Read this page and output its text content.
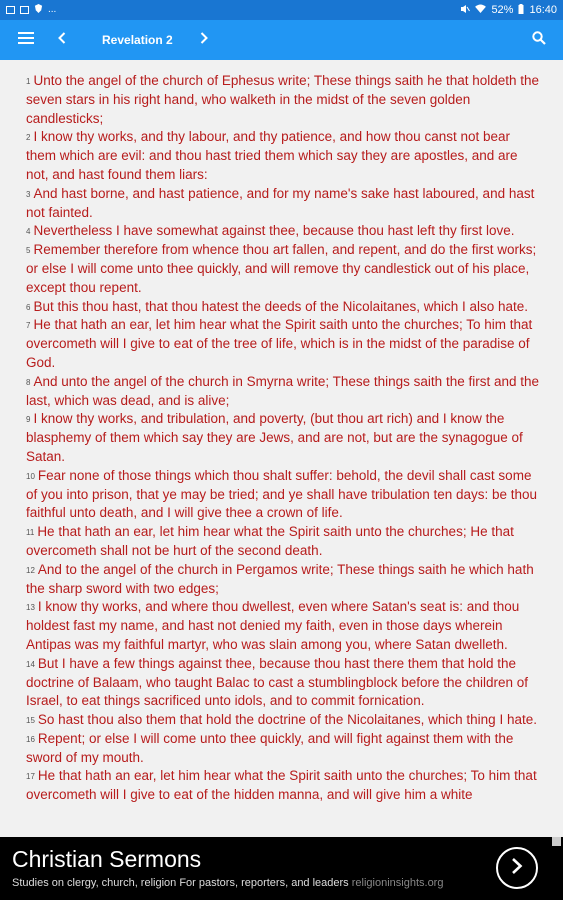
...	52% 16:40
Revelation 2

$^1$ Unto the angel of the church of Ephesus write; These things saith he that holdeth the seven stars in his right hand, who walketh in the midst of the seven golden candlesticks;

$^2$ I know thy works, and thy labour, and thy patience, and how thou canst not bear them which are evil: and thou hast tried them which say they are apostles, and are not, and hast found them liars:

$^3$ And hast borne, and hast patience, and for my name's sake hast laboured, and hast not fainted.

$^4$ Nevertheless I have somewhat against thee, because thou hast left thy first love.

$^5$ Remember therefore from whence thou art fallen, and repent, and do the first works; or else I will come unto thee quickly, and will remove thy candlestick out of his place, except thou repent.

$^6$ But this thou hast, that thou hatest the deeds of the Nicolaitanes, which I also hate.

$^7$ He that hath an ear, let him hear what the Spirit saith unto the churches; To him that overcometh will I give to eat of the tree of life, which is in the midst of the paradise of God.

$^8$ And unto the angel of the church in Smyrna write; These things saith the first and the last, which was dead, and is alive;

$^9$ I know thy works, and tribulation, and poverty, (but thou art rich) and I know the blasphemy of them which say they are Jews, and are not, but are the synagogue of Satan.

$^{10}$ Fear none of those things which thou shalt suffer: behold, the devil shall cast some of you into prison, that ye may be tried; and ye shall have tribulation ten days: be thou faithful unto death, and I will give thee a crown of life.

$^{11}$ He that hath an ear, let him hear what the Spirit saith unto the churches; He that overcometh shall not be hurt of the second death.

$^{12}$ And to the angel of the church in Pergamos write; These things saith he which hath the sharp sword with two edges;

$^{13}$ I know thy works, and where thou dwellest, even where Satan's seat is: and thou holdest fast my name, and hast not denied my faith, even in those days wherein Antipas was my faithful martyr, who was slain among you, where Satan dwelleth.

$^{14}$ But I have a few things against thee, because thou hast there them that hold the doctrine of Balaam, who taught Balac to cast a stumblingblock before the children of Israel, to eat things sacrificed unto idols, and to commit fornication.

$^{15}$ So hast thou also them that hold the doctrine of the Nicolaitanes, which thing I hate.

$^{16}$ Repent; or else I will come unto thee quickly, and will fight against them with the sword of my mouth.

$^{17}$ He that hath an ear, let him hear what the Spirit saith unto the churches; To him that overcometh will I give to eat of the hidden manna, and will give him a white

Christian Sermons
Studies on clergy, church, religion For pastors, reporters, and leaders religioninsights.org
